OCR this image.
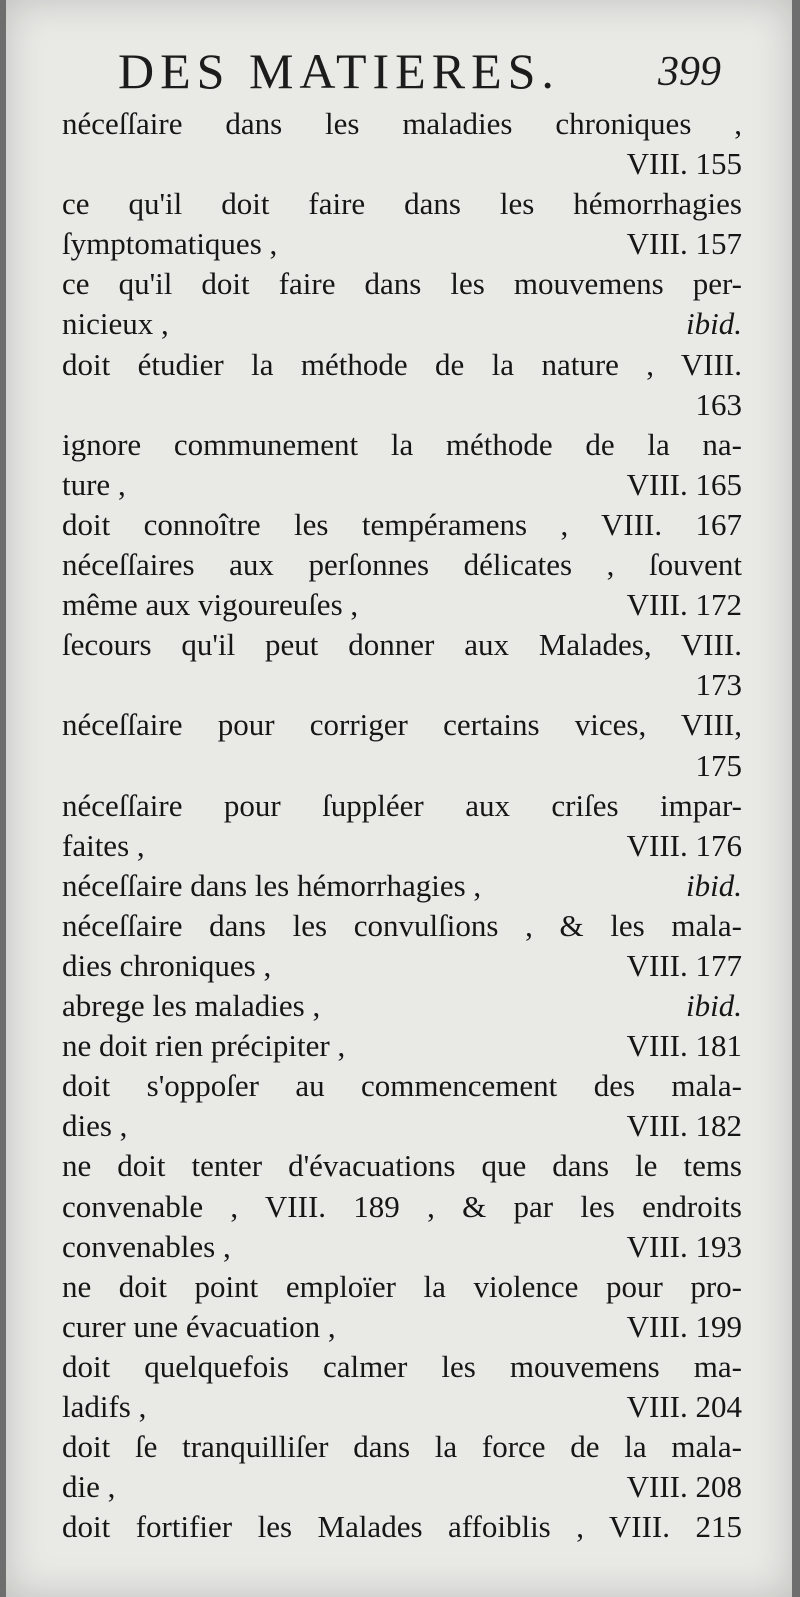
DES MATIERES. 399
néceſſaire dans les maladies chroniques ,
VIII. 155
ce qu'il doit faire dans les hémorrhagies
ſymptomatiques ,	VIII. 157
ce qu'il doit faire dans les mouvemens per-
nicieux ,	ibid.
doit étudier la méthode de la nature , VIII.
163
ignore communement la méthode de la na-
ture ,	VIII. 165
doit connoître les tempéramens , VIII. 167
néceſſaires aux perſonnes délicates , ſouvent
même aux vigoureuſes ,	VIII. 172
ſecours qu'il peut donner aux Malades, VIII.
173
néceſſaire pour corriger certains vices, VIII,
175
néceſſaire pour ſuppléer aux criſes impar-
faites ,	VIII. 176
néceſſaire dans les hémorrhagies ,	ibid.
néceſſaire dans les convulſions , & les mala-
dies chroniques ,	VIII. 177
abrege les maladies ,	ibid.
ne doit rien précipiter ,	VIII. 181
doit s'oppoſer au commencement des mala-
dies ,	VIII. 182
ne doit tenter d'évacuations que dans le tems
convenable , VIII. 189 , & par les endroits
convenables ,	VIII. 193
ne doit point emploïer la violence pour pro-
curer une évacuation ,	VIII. 199
doit quelquefois calmer les mouvemens ma-
ladifs ,	VIII. 204
doit ſe tranquilliſer dans la force de la mala-
die ,	VIII. 208
doit fortifier les Malades affoiblis , VIII. 215
